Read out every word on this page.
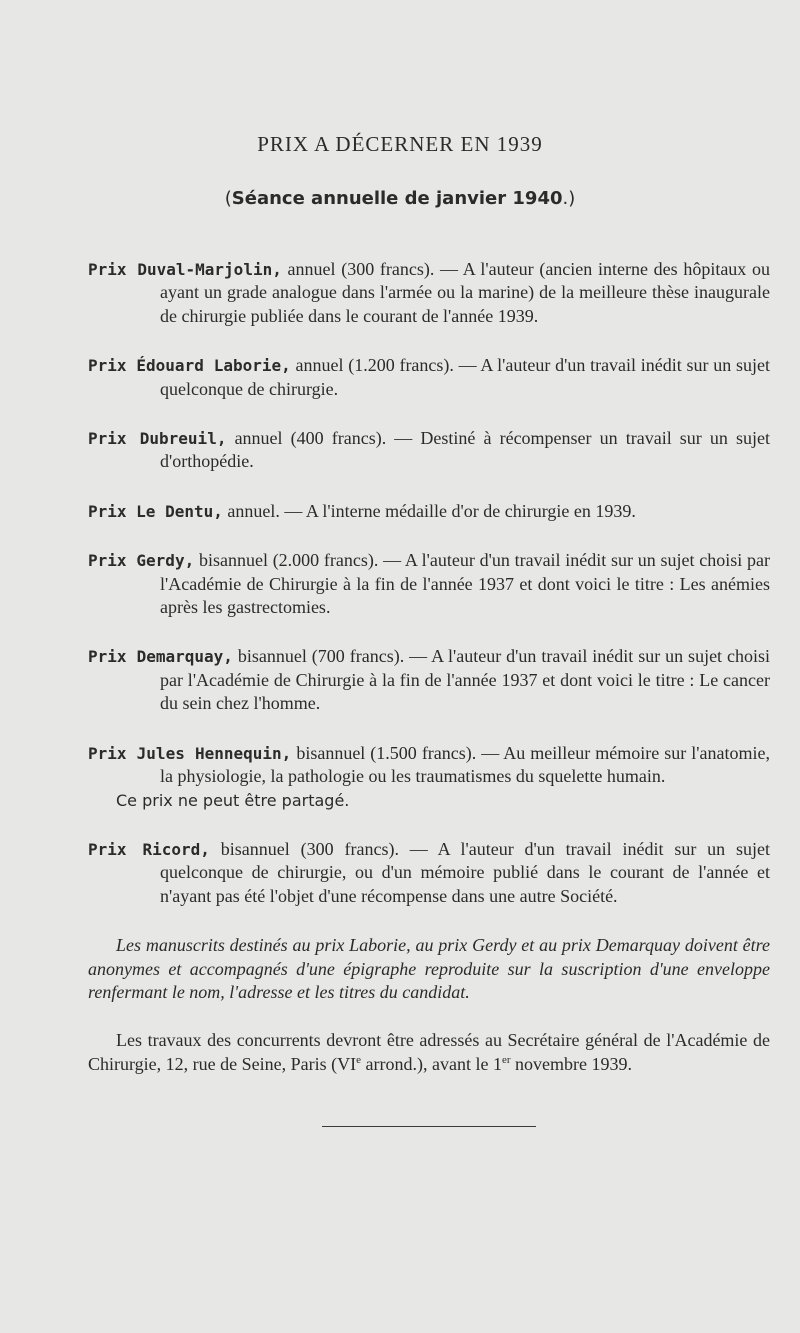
PRIX A DÉCERNER EN 1939
(Séance annuelle de janvier 1940.)

Prix Duval-Marjolin, annuel (300 francs). — A l'auteur (ancien interne des hôpitaux ou ayant un grade analogue dans l'armée ou la marine) de la meilleure thèse inaugurale de chirurgie publiée dans le courant de l'année 1939.

Prix Édouard Laborie, annuel (1.200 francs). — A l'auteur d'un travail inédit sur un sujet quelconque de chirurgie.

Prix Dubreuil, annuel (400 francs). — Destiné à récompenser un travail sur un sujet d'orthopédie.

Prix Le Dentu, annuel. — A l'interne médaille d'or de chirurgie en 1939.

Prix Gerdy, bisannuel (2.000 francs). — A l'auteur d'un travail inédit sur un sujet choisi par l'Académie de Chirurgie à la fin de l'année 1937 et dont voici le titre : Les anémies après les gastrectomies.

Prix Demarquay, bisannuel (700 francs). — A l'auteur d'un travail inédit sur un sujet choisi par l'Académie de Chirurgie à la fin de l'année 1937 et dont voici le titre : Le cancer du sein chez l'homme.

Prix Jules Hennequin, bisannuel (1.500 francs). — Au meilleur mémoire sur l'anatomie, la physiologie, la pathologie ou les traumatismes du squelette humain.
Ce prix ne peut être partagé.

Prix Ricord, bisannuel (300 francs). — A l'auteur d'un travail inédit sur un sujet quelconque de chirurgie, ou d'un mémoire publié dans le courant de l'année et n'ayant pas été l'objet d'une récompense dans une autre Société.

Les manuscrits destinés au prix Laborie, au prix Gerdy et au prix Demarquay doivent être anonymes et accompagnés d'une épigraphe reproduite sur la suscription d'une enveloppe renfermant le nom, l'adresse et les titres du candidat.

Les travaux des concurrents devront être adressés au Secrétaire général de l'Académie de Chirurgie, 12, rue de Seine, Paris (VIe arrond.), avant le 1er novembre 1939.
